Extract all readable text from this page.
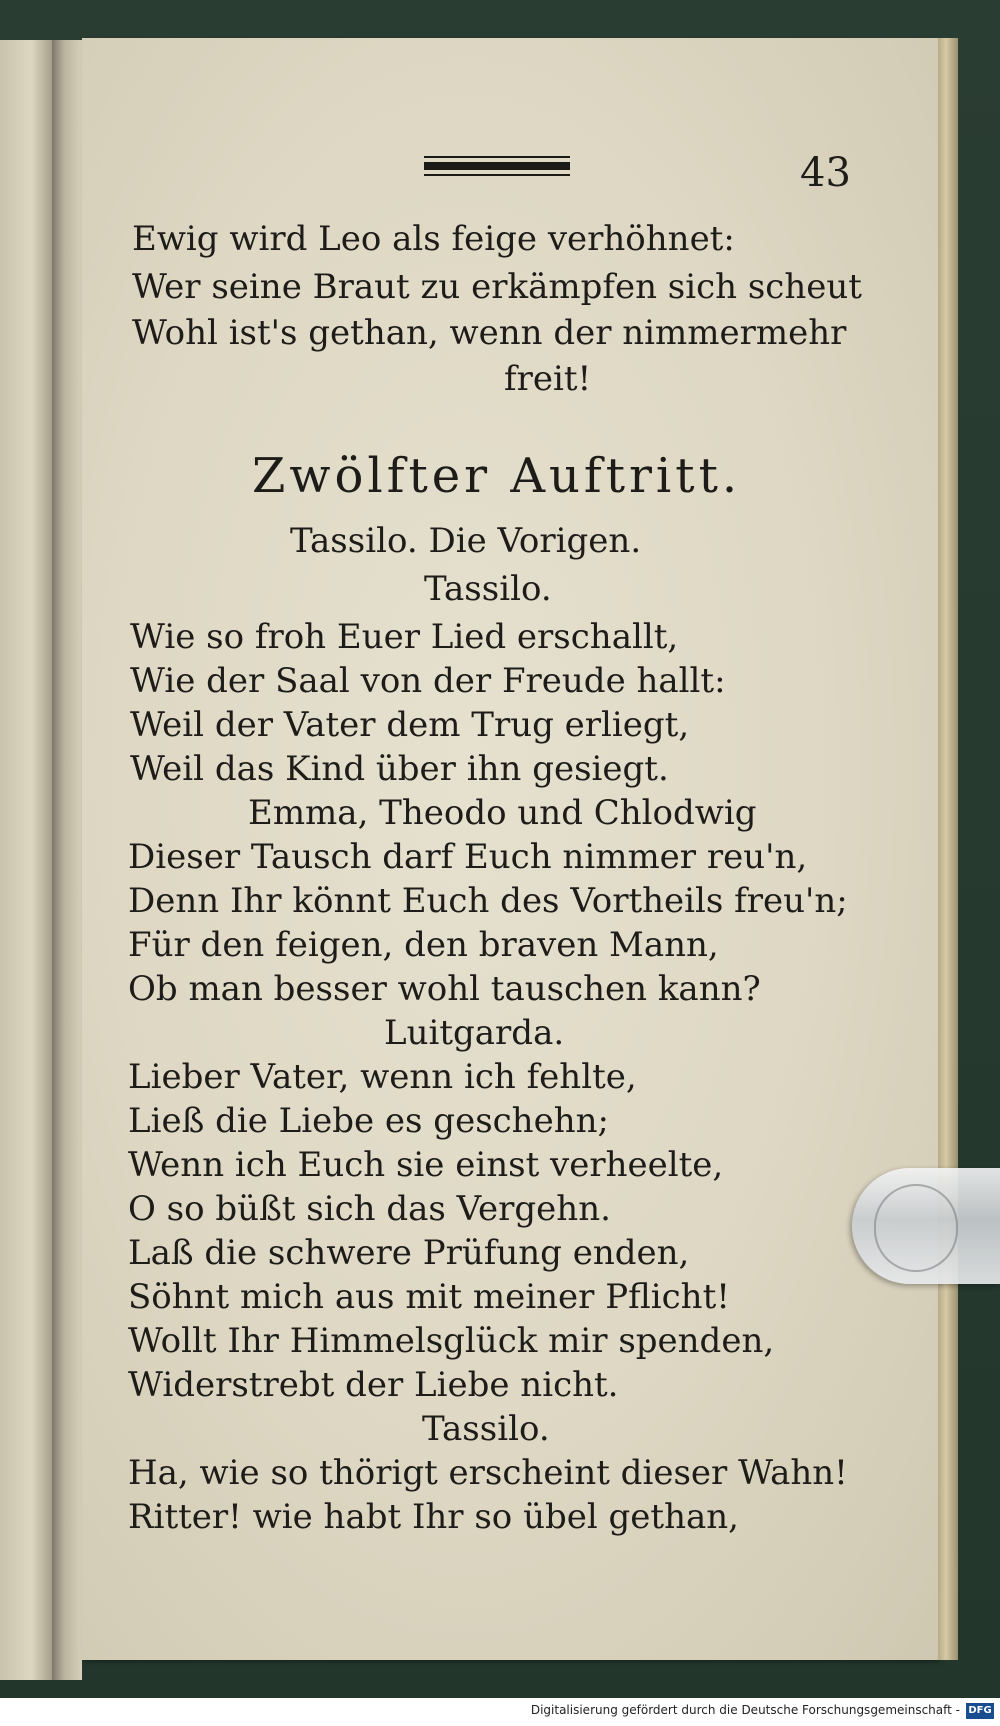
43
Ewig wird Leo als feige verhöhnet:
Wer seine Braut zu erkämpfen sich scheut
Wohl ist's gethan, wenn der nimmermehr
freit!
Zwölfter Auftritt.
Tassilo. Die Vorigen.
Tassilo.
Wie so froh Euer Lied erschallt,
Wie der Saal von der Freude hallt:
Weil der Vater dem Trug erliegt,
Weil das Kind über ihn gesiegt.
Emma, Theodo und Chlodwig
Dieser Tausch darf Euch nimmer reu'n,
Denn Ihr könnt Euch des Vortheils freu'n;
Für den feigen, den braven Mann,
Ob man besser wohl tauschen kann?
Luitgarda.
Lieber Vater, wenn ich fehlte,
Ließ die Liebe es geschehn;
Wenn ich Euch sie einst verheelte,
O so büßt sich das Vergehn.
Laß die schwere Prüfung enden,
Söhnt mich aus mit meiner Pflicht!
Wollt Ihr Himmelsglück mir spenden,
Widerstrebt der Liebe nicht.
Tassilo.
Ha, wie so thörigt erscheint dieser Wahn!
Ritter! wie habt Ihr so übel gethan,
Digitalisierung gefördert durch die Deutsche Forschungsgemeinschaft - DFG
